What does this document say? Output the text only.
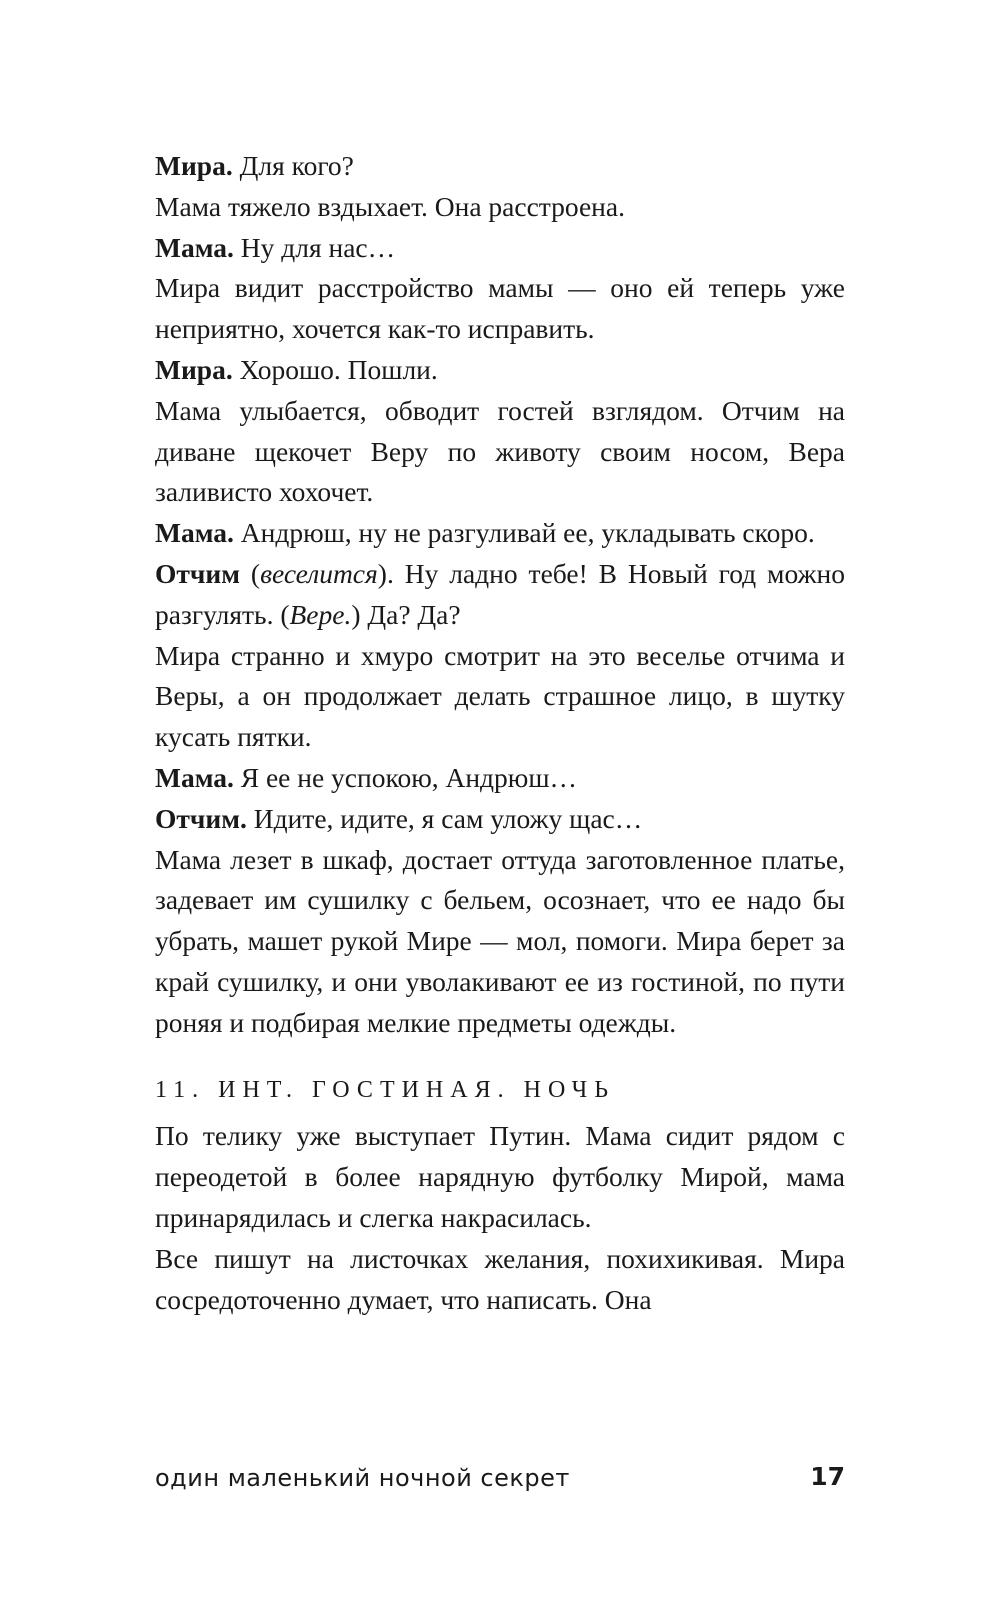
Мира. Для кого?

Мама тяжело вздыхает. Она расстроена.

Мама. Ну для нас…

Мира видит расстройство мамы — оно ей теперь уже неприятно, хочется как-то исправить.

Мира. Хорошо. Пошли.

Мама улыбается, обводит гостей взглядом. Отчим на диване щекочет Веру по животу своим носом, Вера заливисто хохочет.

Мама. Андрюш, ну не разгуливай ее, укладывать скоро.

Отчим (веселится). Ну ладно тебе! В Новый год можно разгулять. (Вере.) Да? Да?

Мира странно и хмуро смотрит на это веселье отчима и Веры, а он продолжает делать страшное лицо, в шутку кусать пятки.

Мама. Я ее не успокою, Андрюш…

Отчим. Идите, идите, я сам уложу щас…

Мама лезет в шкаф, достает оттуда заготовленное платье, задевает им сушилку с бельем, осознает, что ее надо бы убрать, машет рукой Мире — мол, помоги. Мира берет за край сушилку, и они уволакивают ее из гостиной, по пути роняя и подбирая мелкие предметы одежды.

11. ИНТ. ГОСТИНАЯ. НОЧЬ

По телику уже выступает Путин. Мама сидит рядом с переодетой в более нарядную футболку Мирой, мама принарядилась и слегка накрасилась.

Все пишут на листочках желания, похихикивая. Мира сосредоточенно думает, что написать. Она

один маленький ночной секрет	17
